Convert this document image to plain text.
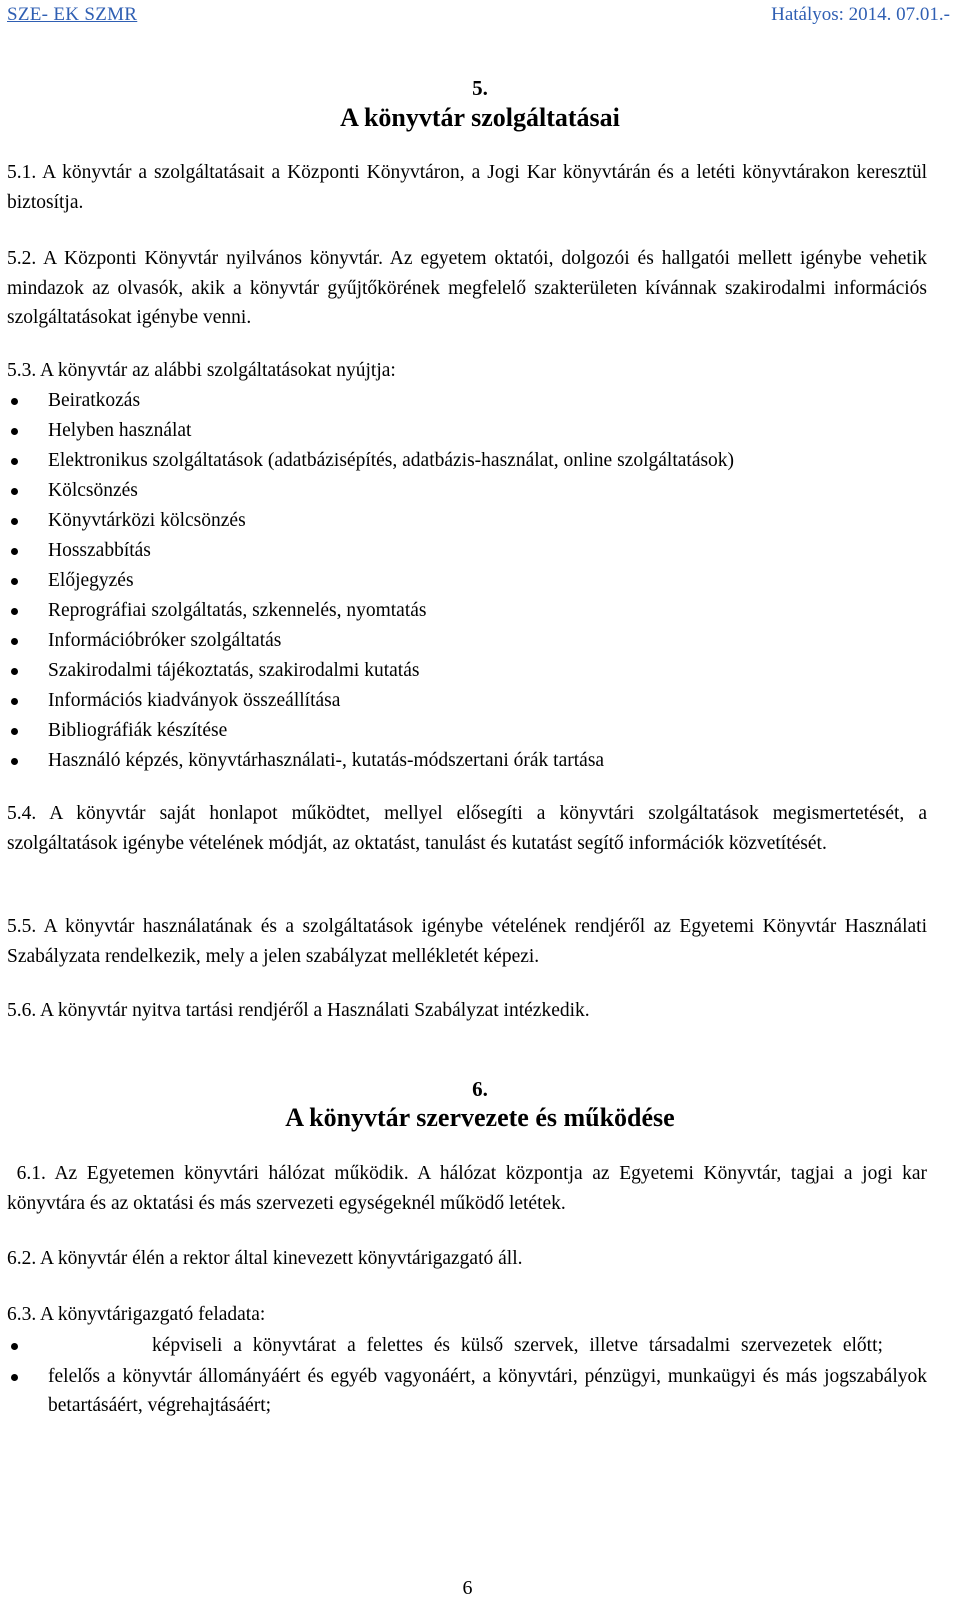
SZE- EK SZMR	Hatályos: 2014. 07.01.-
5.
A könyvtár szolgáltatásai

5.1. A könyvtár a szolgáltatásait a Központi Könyvtáron, a Jogi Kar könyvtárán és a letéti könyvtárakon keresztül biztosítja.

5.2. A Központi Könyvtár nyilvános könyvtár. Az egyetem oktatói, dolgozói és hallgatói mellett igénybe vehetik mindazok az olvasók, akik a könyvtár gyűjtőkörének megfelelő szakterületen kívánnak szakirodalmi információs szolgáltatásokat igénybe venni.

5.3. A könyvtár az alábbi szolgáltatásokat nyújtja:

Beiratkozás
Helyben használat
Elektronikus szolgáltatások (adatbázisépítés, adatbázis-használat, online szolgáltatások)
Kölcsönzés
Könyvtárközi kölcsönzés
Hosszabbítás
Előjegyzés
Reprográfiai szolgáltatás, szkennelés, nyomtatás
Információbróker szolgáltatás
Szakirodalmi tájékoztatás, szakirodalmi kutatás
Információs kiadványok összeállítása
Bibliográfiák készítése
Használó képzés, könyvtárhasználati-, kutatás-módszertani órák tartása

5.4. A könyvtár saját honlapot működtet, mellyel elősegíti a könyvtári szolgáltatások megismertetését, a szolgáltatások igénybe vételének módját, az oktatást, tanulást és kutatást segítő információk közvetítését.

5.5. A könyvtár használatának és a szolgáltatások igénybe vételének rendjéről az Egyetemi Könyvtár Használati Szabályzata rendelkezik, mely a jelen szabályzat mellékletét képezi.

5.6. A könyvtár nyitva tartási rendjéről a Használati Szabályzat intézkedik.

6.
A könyvtár szervezete és működése

6.1. Az Egyetemen könyvtári hálózat működik. A hálózat központja az Egyetemi Könyvtár, tagjai a jogi kar könyvtára és az oktatási és más szervezeti egységeknél működő letétek.

6.2. A könyvtár élén a rektor által kinevezett könyvtárigazgató áll.

6.3. A könyvtárigazgató feladata:

képviseli a könyvtárat a felettes és külső szervek, illetve társadalmi szervezetek előtt;
felelős a könyvtár állományáért és egyéb vagyonáért, a könyvtári, pénzügyi, munkaügyi és más jogszabályok betartásáért, végrehajtásáért;
6
